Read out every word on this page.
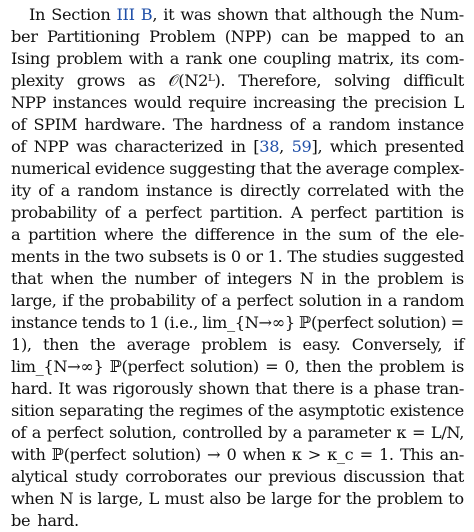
In Section III B, it was shown that although the Num-
ber Partitioning Problem (NPP) can be mapped to an
Ising problem with a rank one coupling matrix, its com-
plexity grows as 𝒪(N2ᴸ). Therefore, solving difficult
NPP instances would require increasing the precision L
of SPIM hardware. The hardness of a random instance
of NPP was characterized in [38, 59], which presented
numerical evidence suggesting that the average complex-
ity of a random instance is directly correlated with the
probability of a perfect partition. A perfect partition is
a partition where the difference in the sum of the ele-
ments in the two subsets is 0 or 1. The studies suggested
that when the number of integers N in the problem is
large, if the probability of a perfect solution in a random
instance tends to 1 (i.e., lim_{N→∞} ℙ(perfect solution) =
1), then the average problem is easy. Conversely, if
lim_{N→∞} ℙ(perfect solution) = 0, then the problem is
hard. It was rigorously shown that there is a phase tran-
sition separating the regimes of the asymptotic existence
of a perfect solution, controlled by a parameter κ = L/N,
with ℙ(perfect solution) → 0 when κ > κ_c = 1. This an-
alytical study corroborates our previous discussion that
when N is large, L must also be large for the problem to
be hard.
